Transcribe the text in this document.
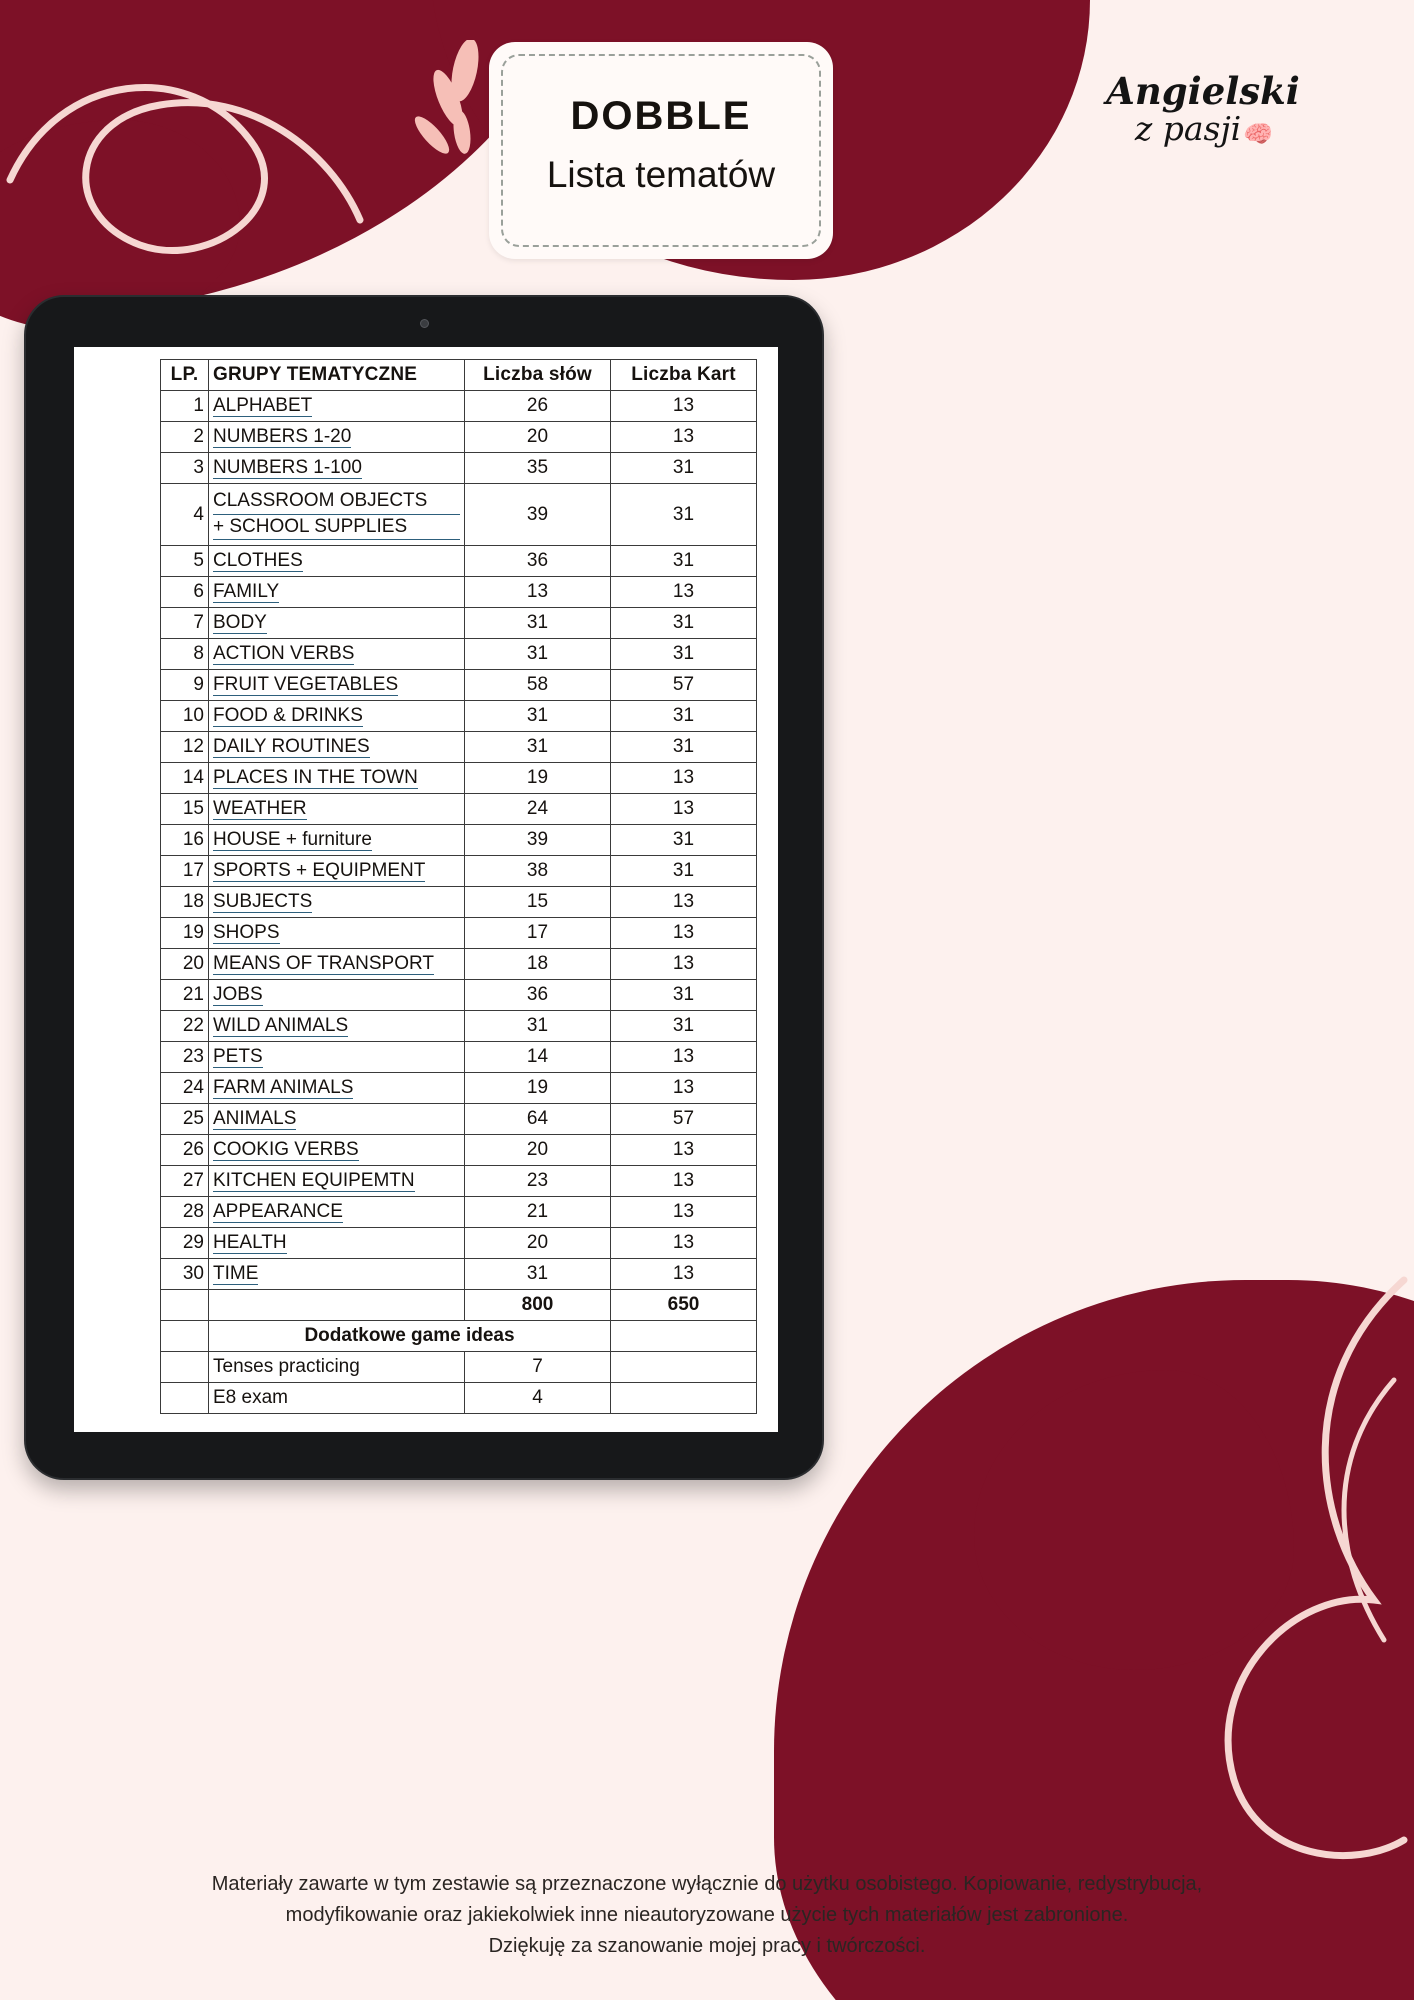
DOBBLE
Lista tematów
Angielski
z pasji🧠
LP.	GRUPY TEMATYCZNE	Liczba słów	Liczba Kart
1	ALPHABET	26	13
2	NUMBERS 1-20	20	13
3	NUMBERS 1-100	35	31
4	CLASSROOM OBJECTS
+ SCHOOL SUPPLIES	39	31
5	CLOTHES	36	31
6	FAMILY	13	13
7	BODY	31	31
8	ACTION VERBS	31	31
9	FRUIT VEGETABLES	58	57
10	FOOD & DRINKS	31	31
12	DAILY ROUTINES	31	31
14	PLACES IN THE TOWN	19	13
15	WEATHER	24	13
16	HOUSE + furniture	39	31
17	SPORTS + EQUIPMENT	38	31
18	SUBJECTS	15	13
19	SHOPS	17	13
20	MEANS OF TRANSPORT	18	13
21	JOBS	36	31
22	WILD ANIMALS	31	31
23	PETS	14	13
24	FARM ANIMALS	19	13
25	ANIMALS	64	57
26	COOKIG VERBS	20	13
27	KITCHEN EQUIPEMTN	23	13
28	APPEARANCE	21	13
29	HEALTH	20	13
30	TIME	31	13
		800	650
	Dodatkowe game ideas		
	Tenses practicing	7	
	E8 exam	4	
Materiały zawarte w tym zestawie są przeznaczone wyłącznie do użytku osobistego. Kopiowanie, redystrybucja,
modyfikowanie oraz jakiekolwiek inne nieautoryzowane użycie tych materiałów jest zabronione.
Dziękuję za szanowanie mojej pracy i twórczości.
